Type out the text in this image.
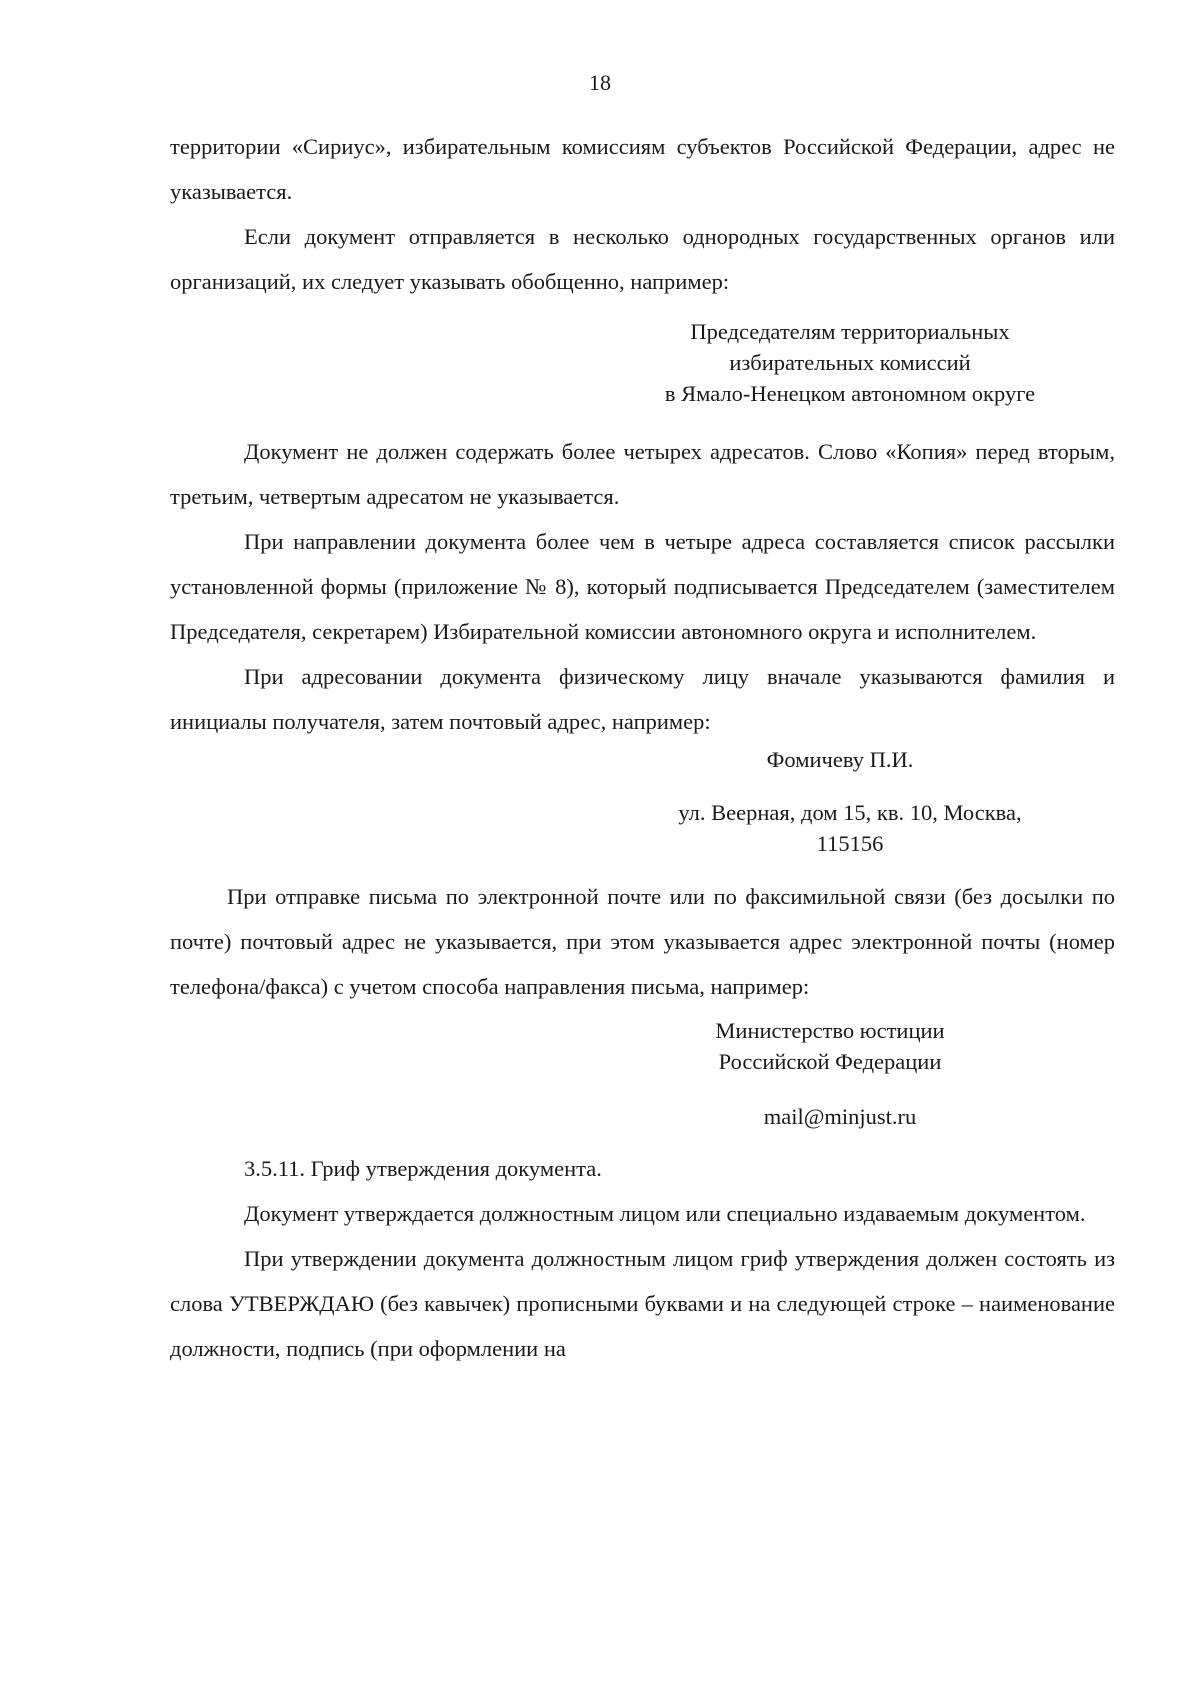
18

территории «Сириус», избирательным комиссиям субъектов Российской Федерации, адрес не указывается.

Если документ отправляется в несколько однородных государственных органов или организаций, их следует указывать обобщенно, например:

Председателям территориальных
избирательных комиссий
в Ямало-Ненецком автономном округе

Документ не должен содержать более четырех адресатов. Слово «Копия» перед вторым, третьим, четвертым адресатом не указывается.

При направлении документа более чем в четыре адреса составляется список рассылки установленной формы (приложение № 8), который подписывается Председателем (заместителем Председателя, секретарем) Избирательной комиссии автономного округа и исполнителем.

При адресовании документа физическому лицу вначале указываются фамилия и инициалы получателя, затем почтовый адрес, например:

Фомичеву П.И.
ул. Веерная, дом 15, кв. 10, Москва,
115156

При отправке письма по электронной почте или по факсимильной связи (без досылки по почте) почтовый адрес не указывается, при этом указывается адрес электронной почты (номер телефона/факса) с учетом способа направления письма, например:

Министерство юстиции
Российской Федерации
mail@minjust.ru

3.5.11. Гриф утверждения документа.

Документ утверждается должностным лицом или специально издаваемым документом.

При утверждении документа должностным лицом гриф утверждения должен состоять из слова УТВЕРЖДАЮ (без кавычек) прописными буквами и на следующей строке – наименование должности, подпись (при оформлении на
